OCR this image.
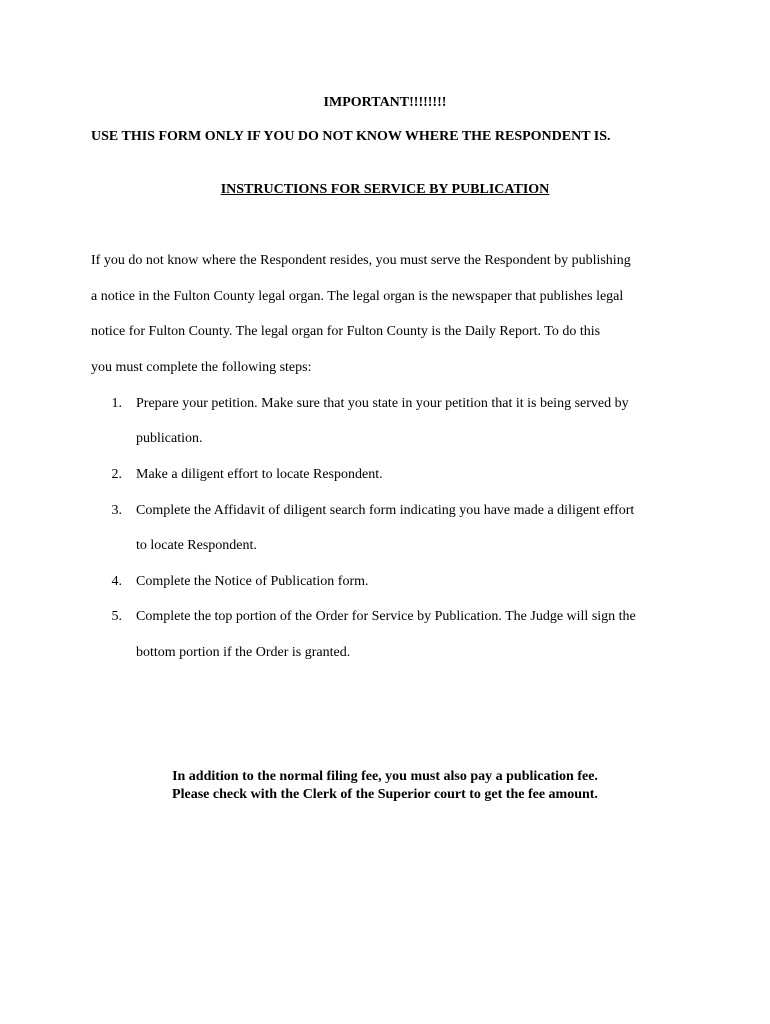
IMPORTANT!!!!!!!!
USE THIS FORM ONLY IF YOU DO NOT KNOW WHERE THE RESPONDENT IS.
INSTRUCTIONS FOR SERVICE BY PUBLICATION
If you do not know where the Respondent resides, you must serve the Respondent by publishing
a notice in the Fulton County legal organ. The legal organ is the newspaper that publishes legal
notice for Fulton County. The legal organ for Fulton County is the Daily Report. To do this
you must complete the following steps:
1. Prepare your petition. Make sure that you state in your petition that it is being served by
publication.
2. Make a diligent effort to locate Respondent.
3. Complete the Affidavit of diligent search form indicating you have made a diligent effort
to locate Respondent.
4. Complete the Notice of Publication form.
5. Complete the top portion of the Order for Service by Publication. The Judge will sign the
bottom portion if the Order is granted.
In addition to the normal filing fee, you must also pay a publication fee.
Please check with the Clerk of the Superior court to get the fee amount.
